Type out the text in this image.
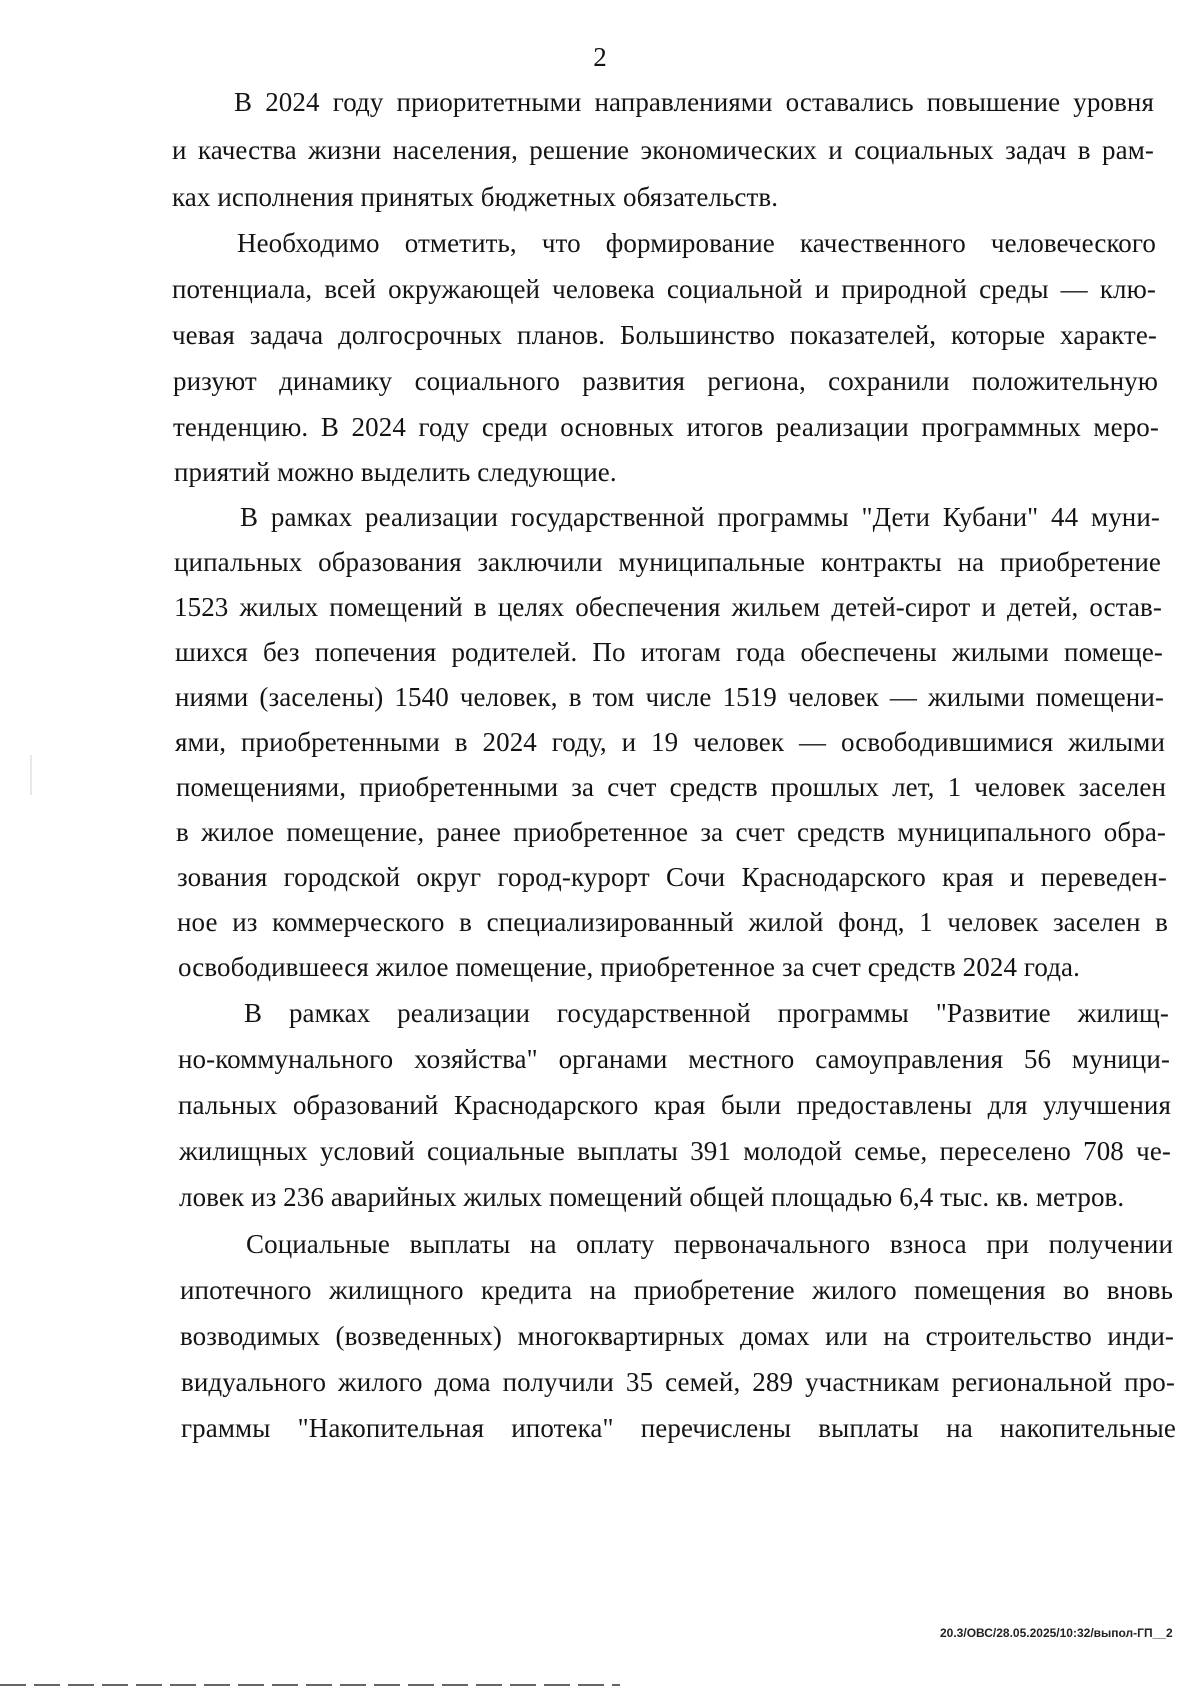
2
В 2024 году приоритетными направлениями оставались повышение уровня
и качества жизни населения, решение экономических и социальных задач в рам-
ках исполнения принятых бюджетных обязательств.
Необходимо отметить, что формирование качественного человеческого
потенциала, всей окружающей человека социальной и природной среды — клю-
чевая задача долгосрочных планов. Большинство показателей, которые характе-
ризуют динамику социального развития региона, сохранили положительную
тенденцию. В 2024 году среди основных итогов реализации программных меро-
приятий можно выделить следующие.
В рамках реализации государственной программы "Дети Кубани" 44 муни-
ципальных образования заключили муниципальные контракты на приобретение
1523 жилых помещений в целях обеспечения жильем детей-сирот и детей, остав-
шихся без попечения родителей. По итогам года обеспечены жилыми помеще-
ниями (заселены) 1540 человек, в том числе 1519 человек — жилыми помещени-
ями, приобретенными в 2024 году, и 19 человек — освободившимися жилыми
помещениями, приобретенными за счет средств прошлых лет, 1 человек заселен
в жилое помещение, ранее приобретенное за счет средств муниципального обра-
зования городской округ город-курорт Сочи Краснодарского края и переведен-
ное из коммерческого в специализированный жилой фонд, 1 человек заселен в
освободившееся жилое помещение, приобретенное за счет средств 2024 года.
В рамках реализации государственной программы "Развитие жилищ-
но-коммунального хозяйства" органами местного самоуправления 56 муници-
пальных образований Краснодарского края были предоставлены для улучшения
жилищных условий социальные выплаты 391 молодой семье, переселено 708 че-
ловек из 236 аварийных жилых помещений общей площадью 6,4 тыс. кв. метров.
Социальные выплаты на оплату первоначального взноса при получении
ипотечного жилищного кредита на приобретение жилого помещения во вновь
возводимых (возведенных) многоквартирных домах или на строительство инди-
видуального жилого дома получили 35 семей, 289 участникам региональной про-
граммы "Накопительная ипотека" перечислены выплаты на накопительные
20.3/ОВС/28.05.2025/10:32/выпол-ГП__2
